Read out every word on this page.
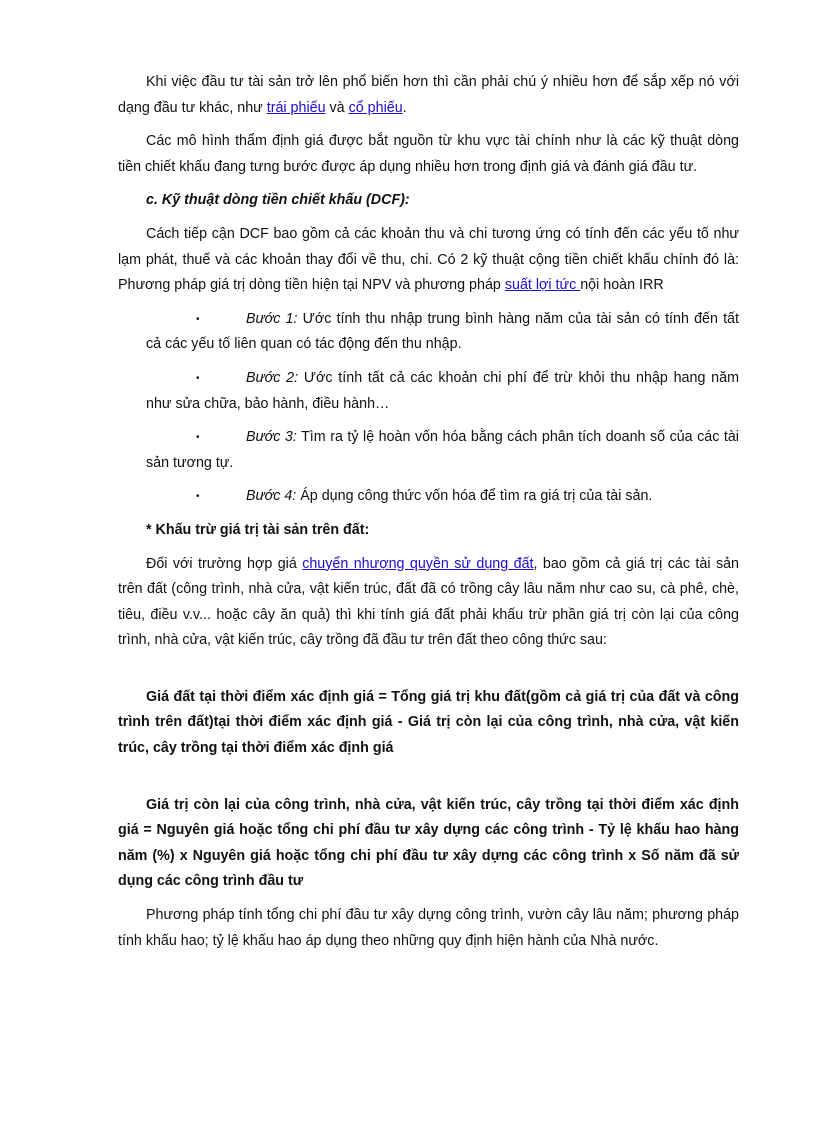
Khi việc đầu tư tài sản trở lên phổ biến hơn thì cần phải chú ý nhiều hơn để sắp xếp nó với dạng đầu tư khác, như trái phiếu và cổ phiếu.

Các mô hình thẩm định giá được bắt nguồn từ khu vực tài chính như là các kỹ thuật dòng tiền chiết khấu đang tưng bước được áp dụng nhiều hơn trong định giá và đánh giá đầu tư.

c. Kỹ thuật dòng tiền chiết khấu (DCF):

Cách tiếp cận DCF bao gồm cả các khoản thu và chi tương ứng có tính đến các yếu tố như lạm phát, thuế và các khoản thay đổi về thu, chi. Có 2 kỹ thuật cộng tiền chiết khấu chính đó là: Phương pháp giá trị dòng tiền hiện tại NPV và phương pháp suất lợi tức nội hoàn IRR

•	Bước 1: Ước tính thu nhập trung bình hàng năm của tài sản có tính đến tất cả các yếu tố liên quan có tác động đến thu nhập.
•	Bước 2: Ước tính tất cả các khoản chi phí để trừ khỏi thu nhập hang năm như sửa chữa, bảo hành, điều hành…
•	Bước 3: Tìm ra tỷ lệ hoàn vốn hóa bằng cách phân tích doanh số của các tài sản tương tự.
•	Bước 4: Áp dụng công thức vốn hóa để tìm ra giá trị của tài sản.

* Khấu trừ giá trị tài sản trên đất:

Đối với trường hợp giá chuyển nhượng quyền sử dụng đất, bao gồm cả giá trị các tài sản trên đất (công trình, nhà cửa, vật kiến trúc, đất đã có trồng cây lâu năm như cao su, cà phê, chè, tiêu, điều v.v... hoặc cây ăn quả) thì khi tính giá đất phải khấu trừ phần giá trị còn lại của công trình, nhà cửa, vật kiến trúc, cây trồng đã đầu tư trên đất theo công thức sau:

Giá đất tại thời điểm xác định giá = Tổng giá trị khu đất(gồm cả giá trị của đất và công trình trên đất)tại thời điểm xác định giá - Giá trị còn lại của công trình, nhà cửa, vật kiến trúc, cây trồng tại thời điểm xác định giá

Giá trị còn lại của công trình, nhà cửa, vật kiến trúc, cây trồng tại thời điểm xác định giá = Nguyên giá hoặc tổng chi phí đầu tư xây dựng các công trình - Tỷ lệ khấu hao hàng năm (%) x Nguyên giá hoặc tổng chi phí đầu tư xây dựng các công trình x Số năm đã sử dụng các công trình đầu tư

Phương pháp tính tổng chi phí đầu tư xây dựng công trình, vườn cây lâu năm; phương pháp tính khấu hao; tỷ lệ khấu hao áp dụng theo những quy định hiện hành của Nhà nước.
